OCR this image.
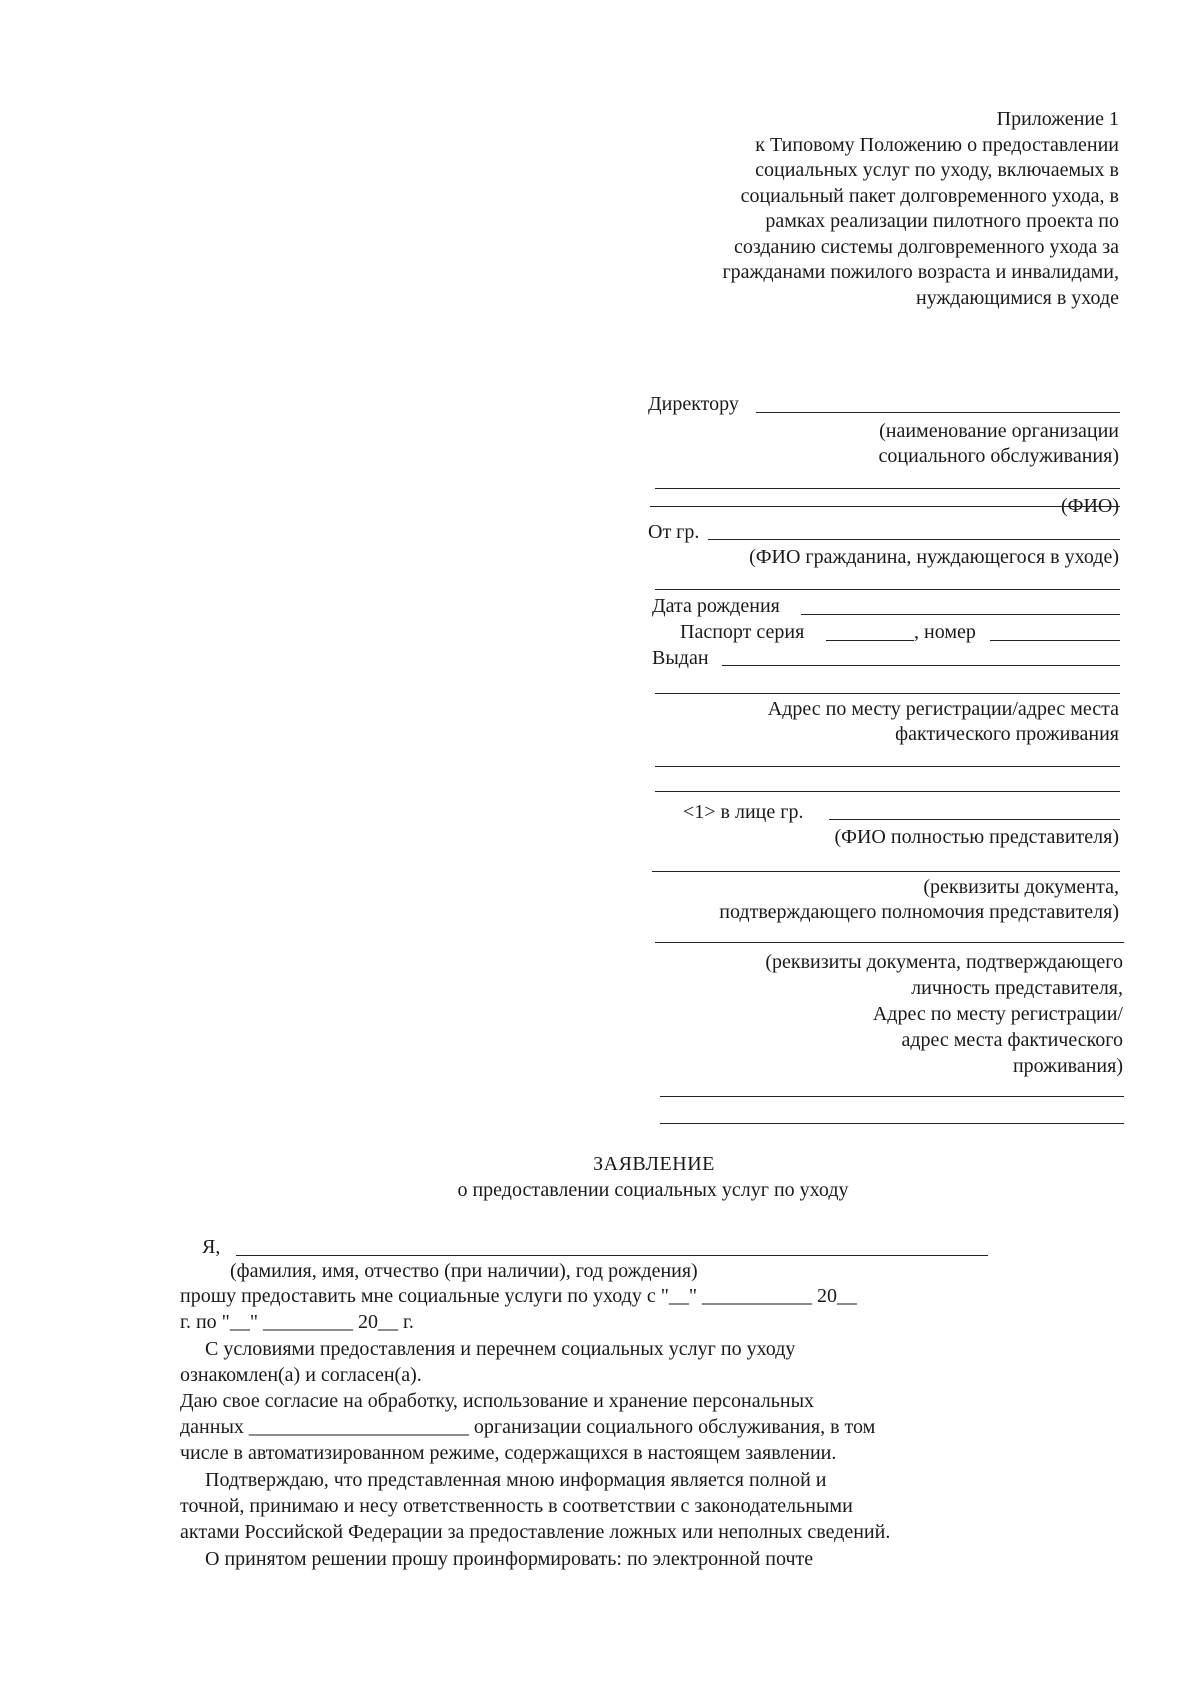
Приложение 1
к Типовому Положению о предоставлении
социальных услуг по уходу, включаемых в
социальный пакет долговременного ухода, в
рамках реализации пилотного проекта по
созданию системы долговременного ухода за
гражданами пожилого возраста и инвалидами,
нуждающимися в уходе
Директору
(наименование организации
социального обслуживания)
(ФИО)
От гр.
(ФИО гражданина, нуждающегося в уходе)
Дата рождения
Паспорт серия	, номер
Выдан
Адрес по месту регистрации/адрес места
фактического проживания
<1> в лице гр.
(ФИО полностью представителя)
(реквизиты документа,
подтверждающего полномочия представителя)
(реквизиты документа, подтверждающего
личность представителя,
Адрес по месту регистрации/
адрес места фактического
проживания)
ЗАЯВЛЕНИЕ
о предоставлении социальных услуг по уходу
Я,
(фамилия, имя, отчество (при наличии), год рождения)
прошу предоставить мне социальные услуги по уходу с "__" ___________ 20__
г. по "__" _________ 20__ г.
С условиями предоставления и перечнем социальных услуг по уходу
ознакомлен(а) и согласен(а).
Даю свое согласие на обработку, использование и хранение персональных
данных ______________________ организации социального обслуживания, в том
числе в автоматизированном режиме, содержащихся в настоящем заявлении.
Подтверждаю, что представленная мною информация является полной и
точной, принимаю и несу ответственность в соответствии с законодательными
актами Российской Федерации за предоставление ложных или неполных сведений.
О принятом решении прошу проинформировать: по электронной почте
